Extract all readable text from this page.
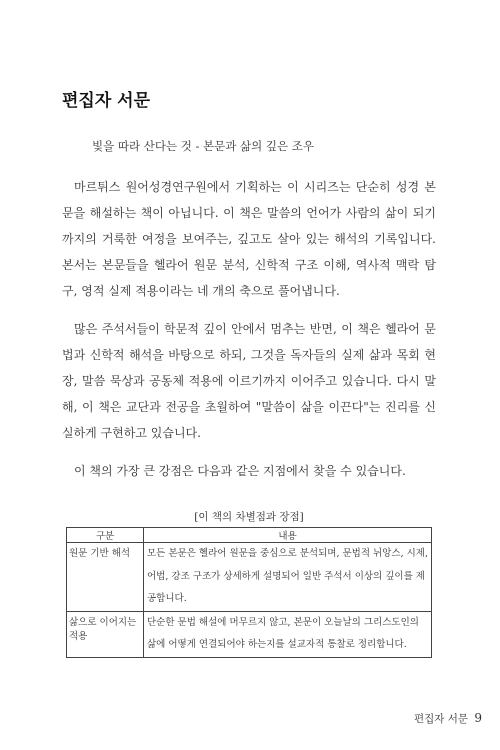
편집자 서문

빛을 따라 산다는 것 - 본문과 삶의 깊은 조우

마르튀스 원어성경연구원에서 기획하는 이 시리즈는 단순히 성경 본문을 해설하는 책이 아닙니다. 이 책은 말씀의 언어가 사람의 삶이 되기까지의 거룩한 여정을 보여주는, 깊고도 살아 있는 해석의 기록입니다. 본서는 본문들을 헬라어 원문 분석, 신학적 구조 이해, 역사적 맥락 탐구, 영적 실제 적용이라는 네 개의 축으로 풀어냅니다.

많은 주석서들이 학문적 깊이 안에서 멈추는 반면, 이 책은 헬라어 문법과 신학적 해석을 바탕으로 하되, 그것을 독자들의 실제 삶과 목회 현장, 말씀 묵상과 공동체 적용에 이르기까지 이어주고 있습니다. 다시 말해, 이 책은 교단과 전공을 초월하여 "말씀이 삶을 이끈다"는 진리를 신실하게 구현하고 있습니다.

이 책의 가장 큰 강점은 다음과 같은 지점에서 찾을 수 있습니다.

[이 책의 차별점과 장점]

구분	내용
원문 기반 해석	모든 본문은 헬라어 원문을 중심으로 분석되며, 문법적 뉘앙스, 시제, 어법, 강조 구조가 상세하게 설명되어 일반 주석서 이상의 깊이를 제공합니다.
삶으로 이어지는 적용	단순한 문법 해설에 머무르지 않고, 본문이 오늘날의 그리스도인의 삶에 어떻게 연결되어야 하는지를 설교자적 통찰로 정리합니다.

편집자 서문 9
